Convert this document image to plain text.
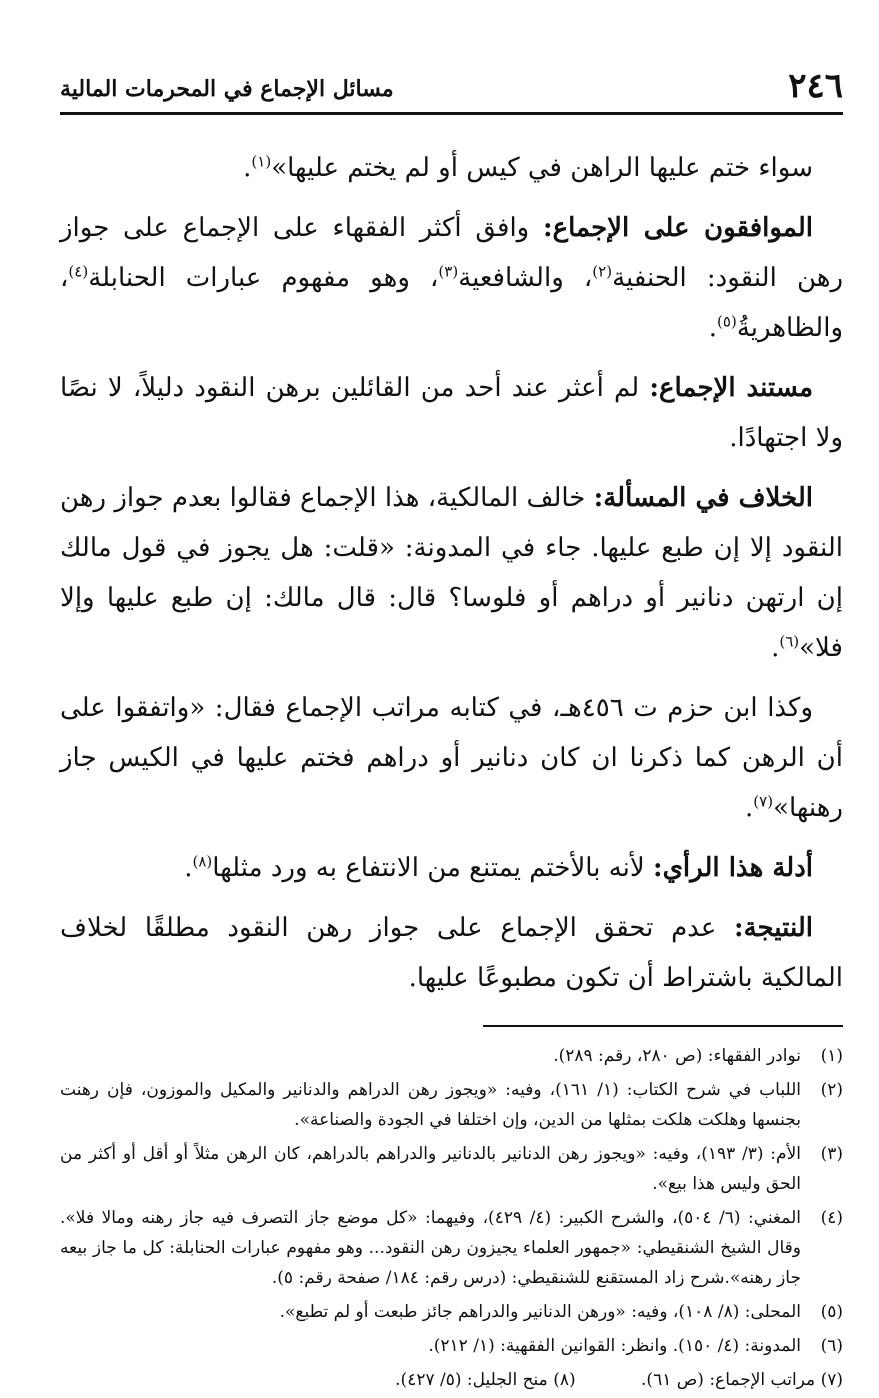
٢٤٦
مسائل الإجماع في المحرمات المالية

سواء ختم عليها الراهن في كيس أو لم يختم عليها»$^{(١)}$.

الموافقون على الإجماع: وافق أكثر الفقهاء على الإجماع على جواز رهن النقود: الحنفية$^{(٢)}$، والشافعية$^{(٣)}$، وهو مفهوم عبارات الحنابلة$^{(٤)}$، والظاهريةُ$^{(٥)}$.

مستند الإجماع: لم أعثر عند أحد من القائلين برهن النقود دليلاً، لا نصًا ولا اجتهادًا.

الخلاف في المسألة: خالف المالكية، هذا الإجماع فقالوا بعدم جواز رهن النقود إلا إن طبع عليها. جاء في المدونة: «قلت: هل يجوز في قول مالك إن ارتهن دنانير أو دراهم أو فلوسا؟ قال: قال مالك: إن طبع عليها وإلا فلا»$^{(٦)}$.

وكذا ابن حزم ت ٤٥٦هـ، في كتابه مراتب الإجماع فقال: «واتفقوا على أن الرهن كما ذكرنا ان كان دنانير أو دراهم فختم عليها في الكيس جاز رهنها»$^{(٧)}$.

أدلة هذا الرأي: لأنه بالأختم يمتنع من الانتفاع به ورد مثلها$^{(٨)}$.

النتيجة: عدم تحقق الإجماع على جواز رهن النقود مطلقًا لخلاف المالكية باشتراط أن تكون مطبوعًا عليها.

(١)
نوادر الفقهاء: (ص ٢٨٠، رقم: ٢٨٩).

(٢)
اللباب في شرح الكتاب: (١/ ١٦١)، وفيه: «ويجوز رهن الدراهم والدنانير والمكيل والموزون، فإن رهنت بجنسها وهلكت هلكت بمثلها من الدين، وإن اختلفا في الجودة والصناعة».

(٣)
الأم: (٣/ ١٩٣)، وفيه: «ويجوز رهن الدنانير بالدنانير والدراهم بالدراهم، كان الرهن مثلاً أو أقل أو أكثر من الحق وليس هذا بيع».

(٤)
المغني: (٦/ ٥٠٤)، والشرح الكبير: (٤/ ٤٢٩)، وفيهما: «كل موضع جاز التصرف فيه جاز رهنه ومالا فلا». وقال الشيخ الشنقيطي: «جمهور العلماء يجيزون رهن النقود... وهو مفهوم عبارات الحنابلة: كل ما جاز بيعه جاز رهنه».شرح زاد المستقنع للشنقيطي: (درس رقم: ١٨٤/ صفحة رقم: ٥).

(٥)
المحلى: (٨/ ١٠٨)، وفيه: «ورهن الدنانير والدراهم جائز طبعت أو لم تطبع».

(٦)
المدونة: (٤/ ١٥٠). وانظر: القوانين الفقهية: (١/ ٢١٢).

(٧) مراتب الإجماع: (ص ٦١). (٨) منح الجليل: (٥/ ٤٢٧).
